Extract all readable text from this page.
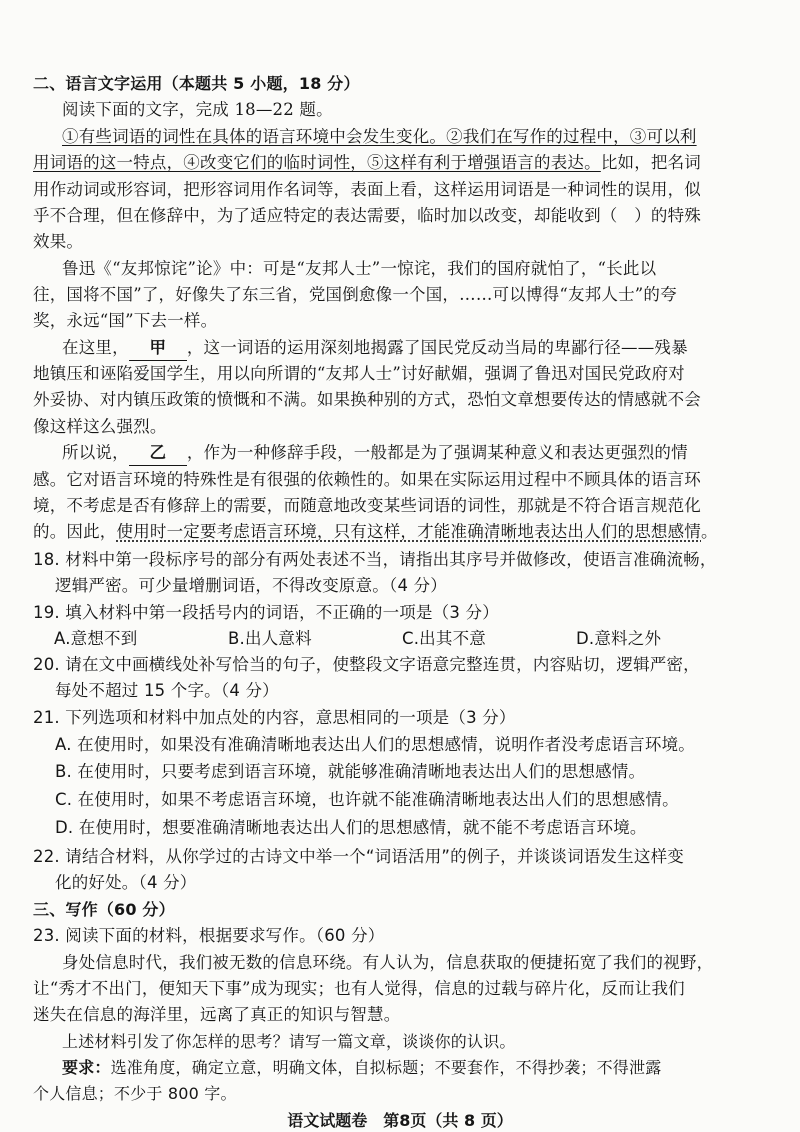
二、语言文字运用（本题共 5 小题，18 分）
阅读下面的文字，完成 18—22 题。
①有些词语的词性在具体的语言环境中会发生变化。②我们在写作的过程中，③可以利
用词语的这一特点，④改变它们的临时词性，⑤这样有利于增强语言的表达。比如，把名词
用作动词或形容词，把形容词用作名词等，表面上看，这样运用词语是一种词性的误用，似
乎不合理，但在修辞中，为了适应特定的表达需要，临时加以改变，却能收到（　）的特殊
效果。
鲁迅《“友邦惊诧”论》中：可是“友邦人士”一惊诧，我们的国府就怕了，“长此以
往，国将不国”了，好像失了东三省，党国倒愈像一个国，……可以博得“友邦人士”的夸
奖，永远“国”下去一样。
在这里， 甲 ，这一词语的运用深刻地揭露了国民党反动当局的卑鄙行径——残暴
地镇压和诬陷爱国学生，用以向所谓的“友邦人士”讨好献媚，强调了鲁迅对国民党政府对
外妥协、对内镇压政策的愤慨和不满。如果换种别的方式，恐怕文章想要传达的情感就不会
像这样这么强烈。
所以说， 乙 ，作为一种修辞手段，一般都是为了强调某种意义和表达更强烈的情
感。它对语言环境的特殊性是有很强的依赖性的。如果在实际运用过程中不顾具体的语言环
境，不考虑是否有修辞上的需要，而随意地改变某些词语的词性，那就是不符合语言规范化
的。因此，使用时一定要考虑语言环境，只有这样，才能准确清晰地表达出人们的思想感情。
18. 材料中第一段标序号的部分有两处表述不当，请指出其序号并做修改，使语言准确流畅，
逻辑严密。可少量增删词语，不得改变原意。（4 分）
19. 填入材料中第一段括号内的词语，不正确的一项是（3 分）
A.意想不到	B.出人意料	C.出其不意	D.意料之外
20. 请在文中画横线处补写恰当的句子，使整段文字语意完整连贯，内容贴切，逻辑严密，
每处不超过 15 个字。（4 分）
21. 下列选项和材料中加点处的内容，意思相同的一项是（3 分）
A. 在使用时，如果没有准确清晰地表达出人们的思想感情，说明作者没考虑语言环境。
B. 在使用时，只要考虑到语言环境，就能够准确清晰地表达出人们的思想感情。
C. 在使用时，如果不考虑语言环境，也许就不能准确清晰地表达出人们的思想感情。
D. 在使用时，想要准确清晰地表达出人们的思想感情，就不能不考虑语言环境。
22. 请结合材料，从你学过的古诗文中举一个“词语活用”的例子，并谈谈词语发生这样变
化的好处。（4 分）
三、写作（60 分）
23. 阅读下面的材料，根据要求写作。（60 分）
身处信息时代，我们被无数的信息环绕。有人认为，信息获取的便捷拓宽了我们的视野，
让“秀才不出门，便知天下事”成为现实；也有人觉得，信息的过载与碎片化，反而让我们
迷失在信息的海洋里，远离了真正的知识与智慧。
上述材料引发了你怎样的思考？请写一篇文章，谈谈你的认识。
要求：选准角度，确定立意，明确文体，自拟标题；不要套作，不得抄袭；不得泄露
个人信息；不少于 800 字。
语文试题卷　第8页（共 8 页）
